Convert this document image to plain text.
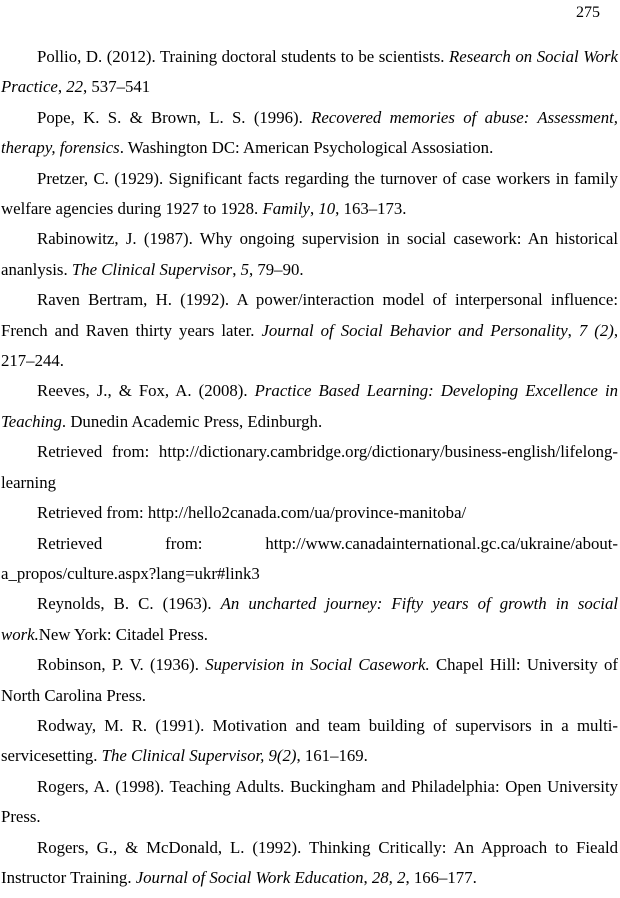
275

Pollio, D. (2012). Training doctoral students to be scientists. Research on Social Work Practice, 22, 537–541

Pope, K. S. & Brown, L. S. (1996). Recovered memories of abuse: Assessment, therapy, forensics. Washington DC: American Psychological Assosiation.

Pretzer, C. (1929). Significant facts regarding the turnover of case workers in family welfare agencies during 1927 to 1928. Family, 10, 163–173.

Rabinowitz, J. (1987). Why ongoing supervision in social casework: An historical ananlysis. The Clinical Supervisor, 5, 79–90.

Raven Bertram, H. (1992). A power/interaction model of interpersonal influence: French and Raven thirty years later. Journal of Social Behavior and Personality, 7 (2), 217–244.

Reeves, J., & Fox, A. (2008). Practice Based Learning: Developing Excellence in Teaching. Dunedin Academic Press, Edinburgh.

Retrieved from: http://dictionary.cambridge.org/dictionary/business-english/lifelong-learning

Retrieved from: http://hello2canada.com/ua/province-manitoba/

Retrieved from: http://www.canadainternational.gc.ca/ukraine/about-a_propos/culture.aspx?lang=ukr#link3

Reynolds, B. C. (1963). An uncharted journey: Fifty years of growth in social work.New York: Citadel Press.

Robinson, P. V. (1936). Supervision in Social Casework. Chapel Hill: University of North Carolina Press.

Rodway, M. R. (1991). Motivation and team building of supervisors in a multi-servicesetting. The Clinical Supervisor, 9(2), 161–169.

Rogers, A. (1998). Teaching Adults. Buckingham and Philadelphia: Open University Press.

Rogers, G., & McDonald, L. (1992). Thinking Critically: An Approach to Fieald Instructor Training. Journal of Social Work Education, 28, 2, 166–177.
